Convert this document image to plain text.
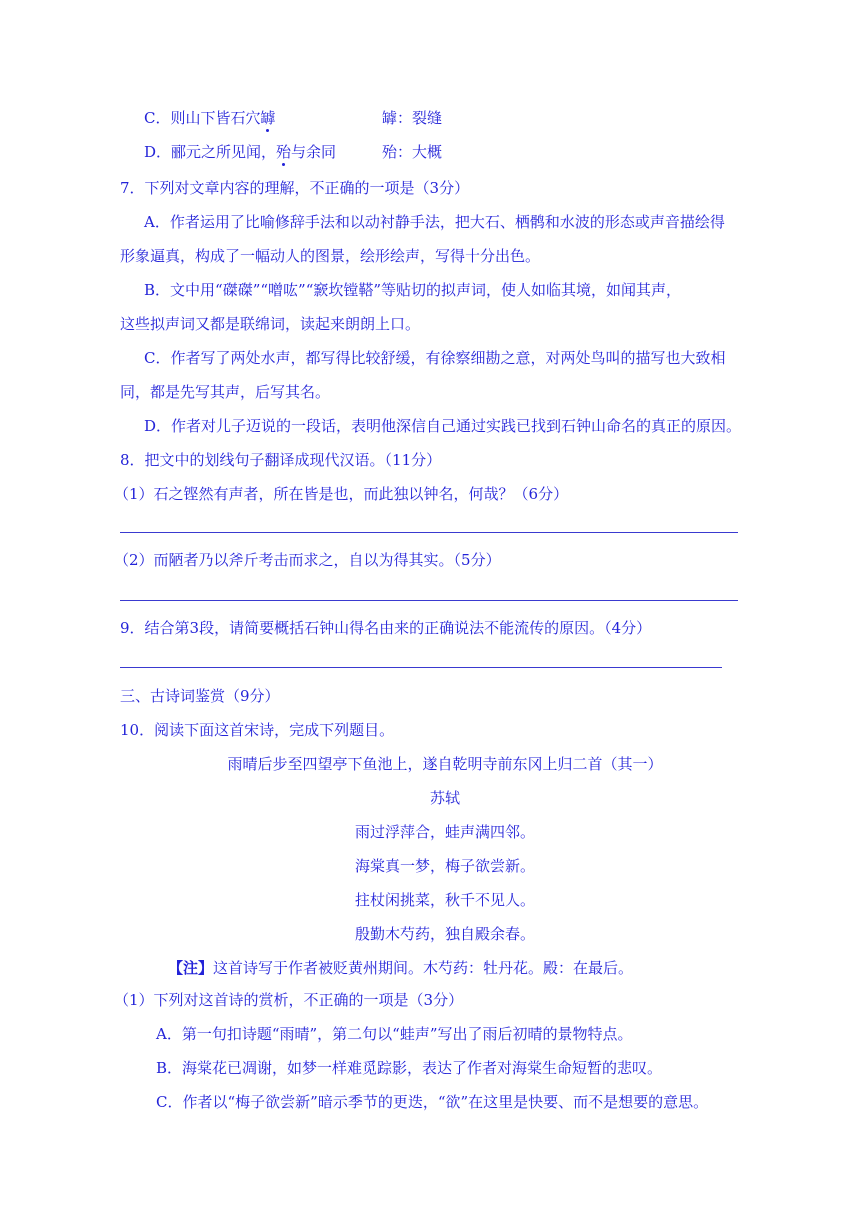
C．则山下皆石穴罅	罅：裂缝
D．郦元之所见闻，殆与余同	殆：大概
7．下列对文章内容的理解，不正确的一项是（3分）
A．作者运用了比喻修辞手法和以动衬静手法，把大石、栖鹘和水波的形态或声音描绘得
形象逼真，构成了一幅动人的图景，绘形绘声，写得十分出色。
B．文中用“磔磔”“噌吰”“窾坎镗鞳”等贴切的拟声词，使人如临其境，如闻其声，
这些拟声词又都是联绵词，读起来朗朗上口。
C．作者写了两处水声，都写得比较舒缓，有徐察细勘之意，对两处鸟叫的描写也大致相
同，都是先写其声，后写其名。
D．作者对儿子迈说的一段话，表明他深信自己通过实践已找到石钟山命名的真正的原因。
8．把文中的划线句子翻译成现代汉语。（11分）
（1）石之铿然有声者，所在皆是也，而此独以钟名，何哉？（6分）
（2）而陋者乃以斧斤考击而求之，自以为得其实。（5分）
9．结合第3段，请简要概括石钟山得名由来的正确说法不能流传的原因。（4分）
三、古诗词鉴赏（9分）
10．阅读下面这首宋诗，完成下列题目。
雨晴后步至四望亭下鱼池上，遂自乾明寺前东冈上归二首（其一）
苏轼
雨过浮萍合，蛙声满四邻。
海棠真一梦，梅子欲尝新。
拄杖闲挑菜，秋千不见人。
殷勤木芍药，独自殿余春。
【注】这首诗写于作者被贬黄州期间。木芍药：牡丹花。殿：在最后。
（1）下列对这首诗的赏析，不正确的一项是（3分）
A．第一句扣诗题“雨晴”，第二句以“蛙声”写出了雨后初晴的景物特点。
B．海棠花已凋谢，如梦一样难觅踪影，表达了作者对海棠生命短暂的悲叹。
C．作者以“梅子欲尝新”暗示季节的更迭，“欲”在这里是快要、而不是想要的意思。
